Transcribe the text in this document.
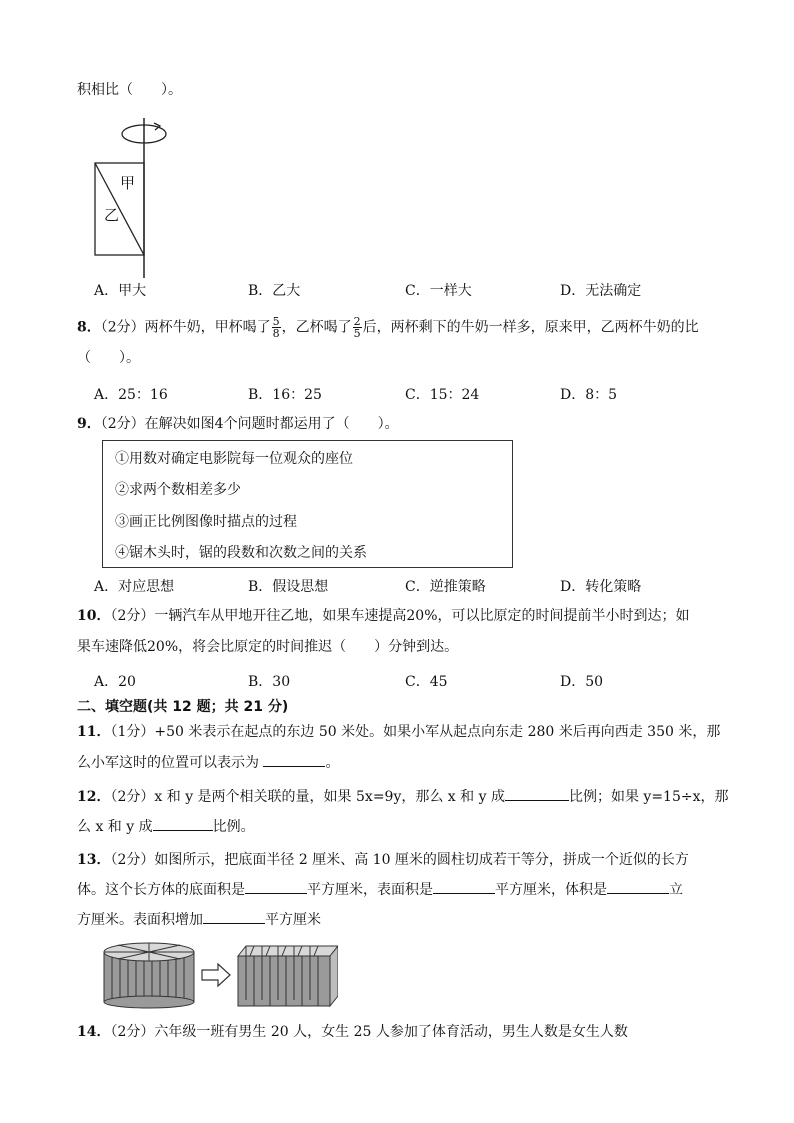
积相比（　　）。
甲
乙
A．甲大	B．乙大	C．一样大	D．无法确定
8．（2分）两杯牛奶，甲杯喝了 $\frac{5}{8}$ ，乙杯喝了 $\frac{2}{5}$ 后，两杯剩下的牛奶一样多，原来甲，乙两杯牛奶的比
（　　）。
A．25：16	B．16：25	C．15：24	D．8：5
9．（2分）在解决如图4个问题时都运用了（　　）。
①用数对确定电影院每一位观众的座位
②求两个数相差多少
③画正比例图像时描点的过程
④锯木头时，锯的段数和次数之间的关系
A．对应思想	B．假设思想	C．逆推策略	D．转化策略
10．（2分）一辆汽车从甲地开往乙地，如果车速提高20%，可以比原定的时间提前半小时到达；如
果车速降低20%，将会比原定的时间推迟（　　）分钟到达。
A．20	B．30	C．45	D．50
二、填空题(共 12 题；共 21 分)
11．（1分）+50 米表示在起点的东边 50 米处。如果小军从起点向东走 280 米后再向西走 350 米，那
么小军这时的位置可以表示为	。
12．（2分）x 和 y 是两个相关联的量，如果 5x=9y，那么 x 和 y 成	比例；如果 y=15÷x，那
么 x 和 y 成	比例。
13．（2分）如图所示，把底面半径 2 厘米、高 10 厘米的圆柱切成若干等分，拼成一个近似的长方
体。这个长方体的底面积是	平方厘米，表面积是	平方厘米，体积是	立
方厘米。表面积增加	平方厘米
14．（2分）六年级一班有男生 20 人，女生 25 人参加了体育活动，男生人数是女生人数
